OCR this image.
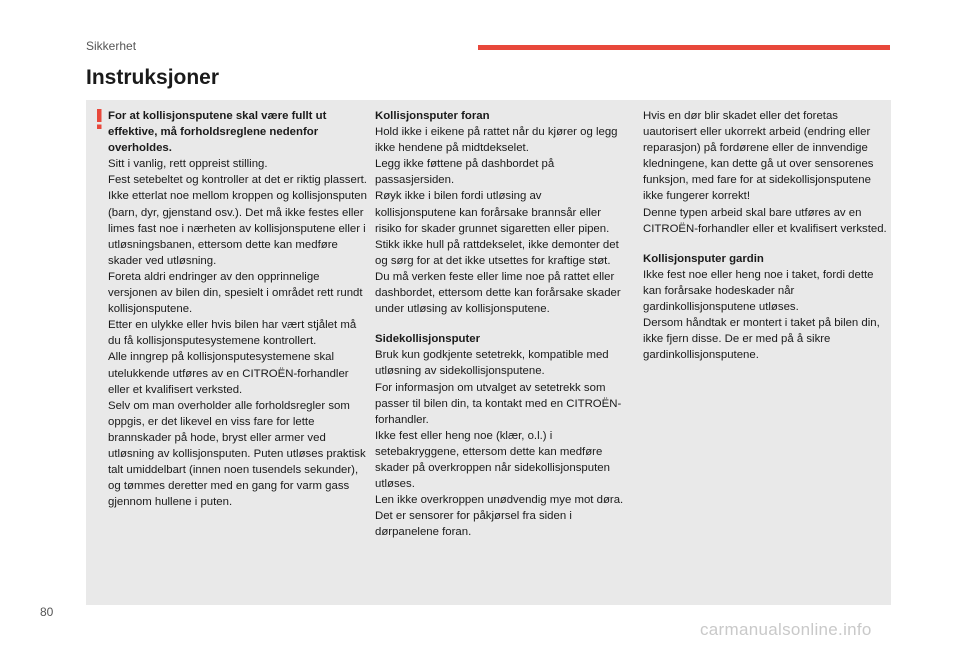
Sikkerhet
Instruksjoner

For at kollisjonsputene skal være fullt ut effektive, må forholdsreglene nedenfor overholdes.

Sitt i vanlig, rett oppreist stilling.
Fest setebeltet og kontroller at det er riktig plassert.
Ikke etterlat noe mellom kroppen og kollisjonsputen (barn, dyr, gjenstand osv.). Det må ikke festes eller limes fast noe i nærheten av kollisjonsputene eller i utløsningsbanen, ettersom dette kan medføre skader ved utløsning.
Foreta aldri endringer av den opprinnelige versjonen av bilen din, spesielt i området rett rundt kollisjonsputene.
Etter en ulykke eller hvis bilen har vært stjålet må du få kollisjonsputesystemene kontrollert.
Alle inngrep på kollisjonsputesystemene skal utelukkende utføres av en CITROËN-forhandler eller et kvalifisert verksted.
Selv om man overholder alle forholdsregler som oppgis, er det likevel en viss fare for lette brannskader på hode, bryst eller armer ved utløsning av kollisjonsputen. Puten utløses praktisk talt umiddelbart (innen noen tusendels sekunder), og tømmes deretter med en gang for varm gass gjennom hullene i puten.

Kollisjonsputer foran

Hold ikke i eikene på rattet når du kjører og legg ikke hendene på midtdekselet.
Legg ikke føttene på dashbordet på passasjersiden.
Røyk ikke i bilen fordi utløsing av kollisjonsputene kan forårsake brannsår eller risiko for skader grunnet sigaretten eller pipen.
Stikk ikke hull på rattdekselet, ikke demonter det og sørg for at det ikke utsettes for kraftige støt.
Du må verken feste eller lime noe på rattet eller dashbordet, ettersom dette kan forårsake skader under utløsing av kollisjonsputene.

Sidekollisjonsputer

Bruk kun godkjente setetrekk, kompatible med utløsning av sidekollisjonsputene.
For informasjon om utvalget av setetrekk som passer til bilen din, ta kontakt med en CITROËN-forhandler.
Ikke fest eller heng noe (klær, o.l.) i setebakryggene, ettersom dette kan medføre skader på overkroppen når sidekollisjonsputen utløses.
Len ikke overkroppen unødvendig mye mot døra.
Det er sensorer for påkjørsel fra siden i dørpanelene foran.

Hvis en dør blir skadet eller det foretas uautorisert eller ukorrekt arbeid (endring eller reparasjon) på fordørene eller de innvendige kledningene, kan dette gå ut over sensorenes funksjon, med fare for at sidekollisjonsputene ikke fungerer korrekt!
Denne typen arbeid skal bare utføres av en CITROËN-forhandler eller et kvalifisert verksted.

Kollisjonsputer gardin

Ikke fest noe eller heng noe i taket, fordi dette kan forårsake hodeskader når gardinkollisjonsputene utløses.
Dersom håndtak er montert i taket på bilen din, ikke fjern disse. De er med på å sikre gardinkollisjonsputene.

80
carmanualsonline.info
